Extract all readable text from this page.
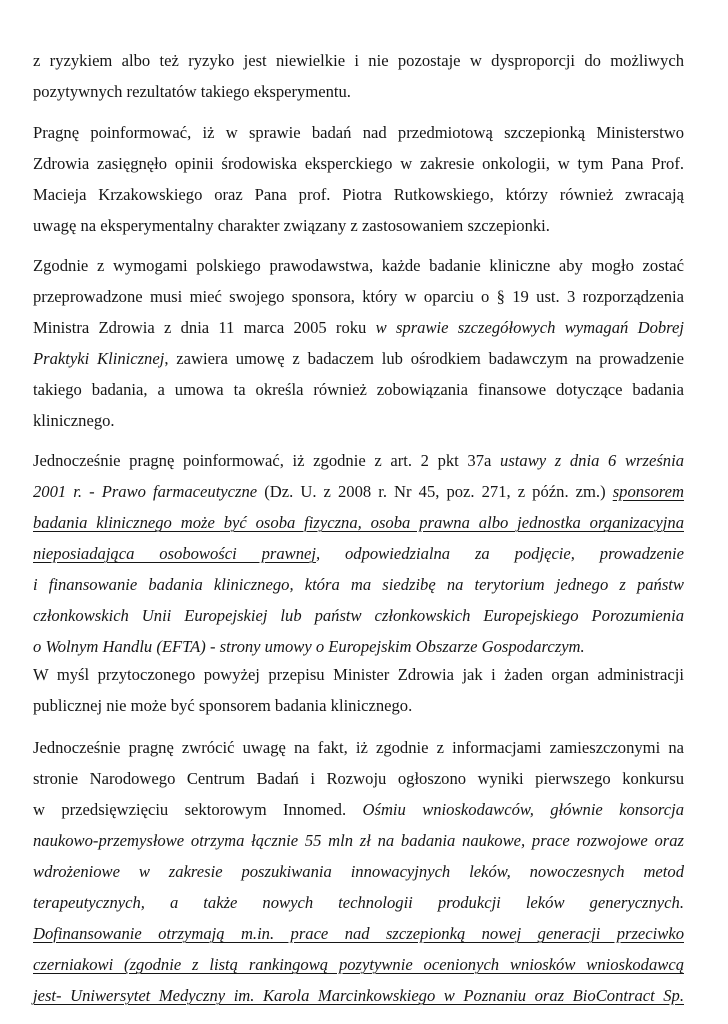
z ryzykiem albo też ryzyko jest niewielkie i nie pozostaje w dysproporcji do możliwych
pozytywnych rezultatów takiego eksperymentu.
Pragnę poinformować, iż w sprawie badań nad przedmiotową szczepionką Ministerstwo
Zdrowia zasięgnęło opinii środowiska eksperckiego w zakresie onkologii, w tym Pana Prof.
Macieja Krzakowskiego oraz Pana prof. Piotra Rutkowskiego, którzy również zwracają
uwagę na eksperymentalny charakter związany z zastosowaniem szczepionki.
Zgodnie z wymogami polskiego prawodawstwa, każde badanie kliniczne aby mogło zostać
przeprowadzone musi mieć swojego sponsora, który w oparciu o § 19 ust. 3 rozporządzenia
Ministra Zdrowia z dnia 11 marca 2005 roku w sprawie szczegółowych wymagań Dobrej
Praktyki Klinicznej, zawiera umowę z badaczem lub ośrodkiem badawczym na prowadzenie
takiego badania, a umowa ta określa również zobowiązania finansowe dotyczące badania
klinicznego.
Jednocześnie pragnę poinformować, iż zgodnie z art. 2 pkt 37a ustawy z dnia 6 września
2001 r. - Prawo farmaceutyczne (Dz. U. z 2008 r. Nr 45, poz. 271, z późn. zm.) sponsorem
badania klinicznego może być osoba fizyczna, osoba prawna albo jednostka organizacyjna
nieposiadająca osobowości prawnej, odpowiedzialna za podjęcie, prowadzenie
i finansowanie badania klinicznego, która ma siedzibę na terytorium jednego z państw
członkowskich Unii Europejskiej lub państw członkowskich Europejskiego Porozumienia
o Wolnym Handlu (EFTA) - strony umowy o Europejskim Obszarze Gospodarczym.
W myśl przytoczonego powyżej przepisu Minister Zdrowia jak i żaden organ administracji
publicznej nie może być sponsorem badania klinicznego.
Jednocześnie pragnę zwrócić uwagę na fakt, iż zgodnie z informacjami zamieszczonymi na
stronie Narodowego Centrum Badań i Rozwoju ogłoszono wyniki pierwszego konkursu
w przedsięwzięciu sektorowym Innomed. Ośmiu wnioskodawców, głównie konsorcja
naukowo-przemysłowe otrzyma łącznie 55 mln zł na badania naukowe, prace rozwojowe oraz
wdrożeniowe w zakresie poszukiwania innowacyjnych leków, nowoczesnych metod
terapeutycznych, a także nowych technologii produkcji leków generycznych.
Dofinansowanie otrzymają m.in. prace nad szczepionką nowej generacji przeciwko
czerniakowi (zgodnie z listą rankingową pozytywnie ocenionych wniosków wnioskodawcą
jest- Uniwersytet Medyczny im. Karola Marcinkowskiego w Poznaniu oraz BioContract Sp.
